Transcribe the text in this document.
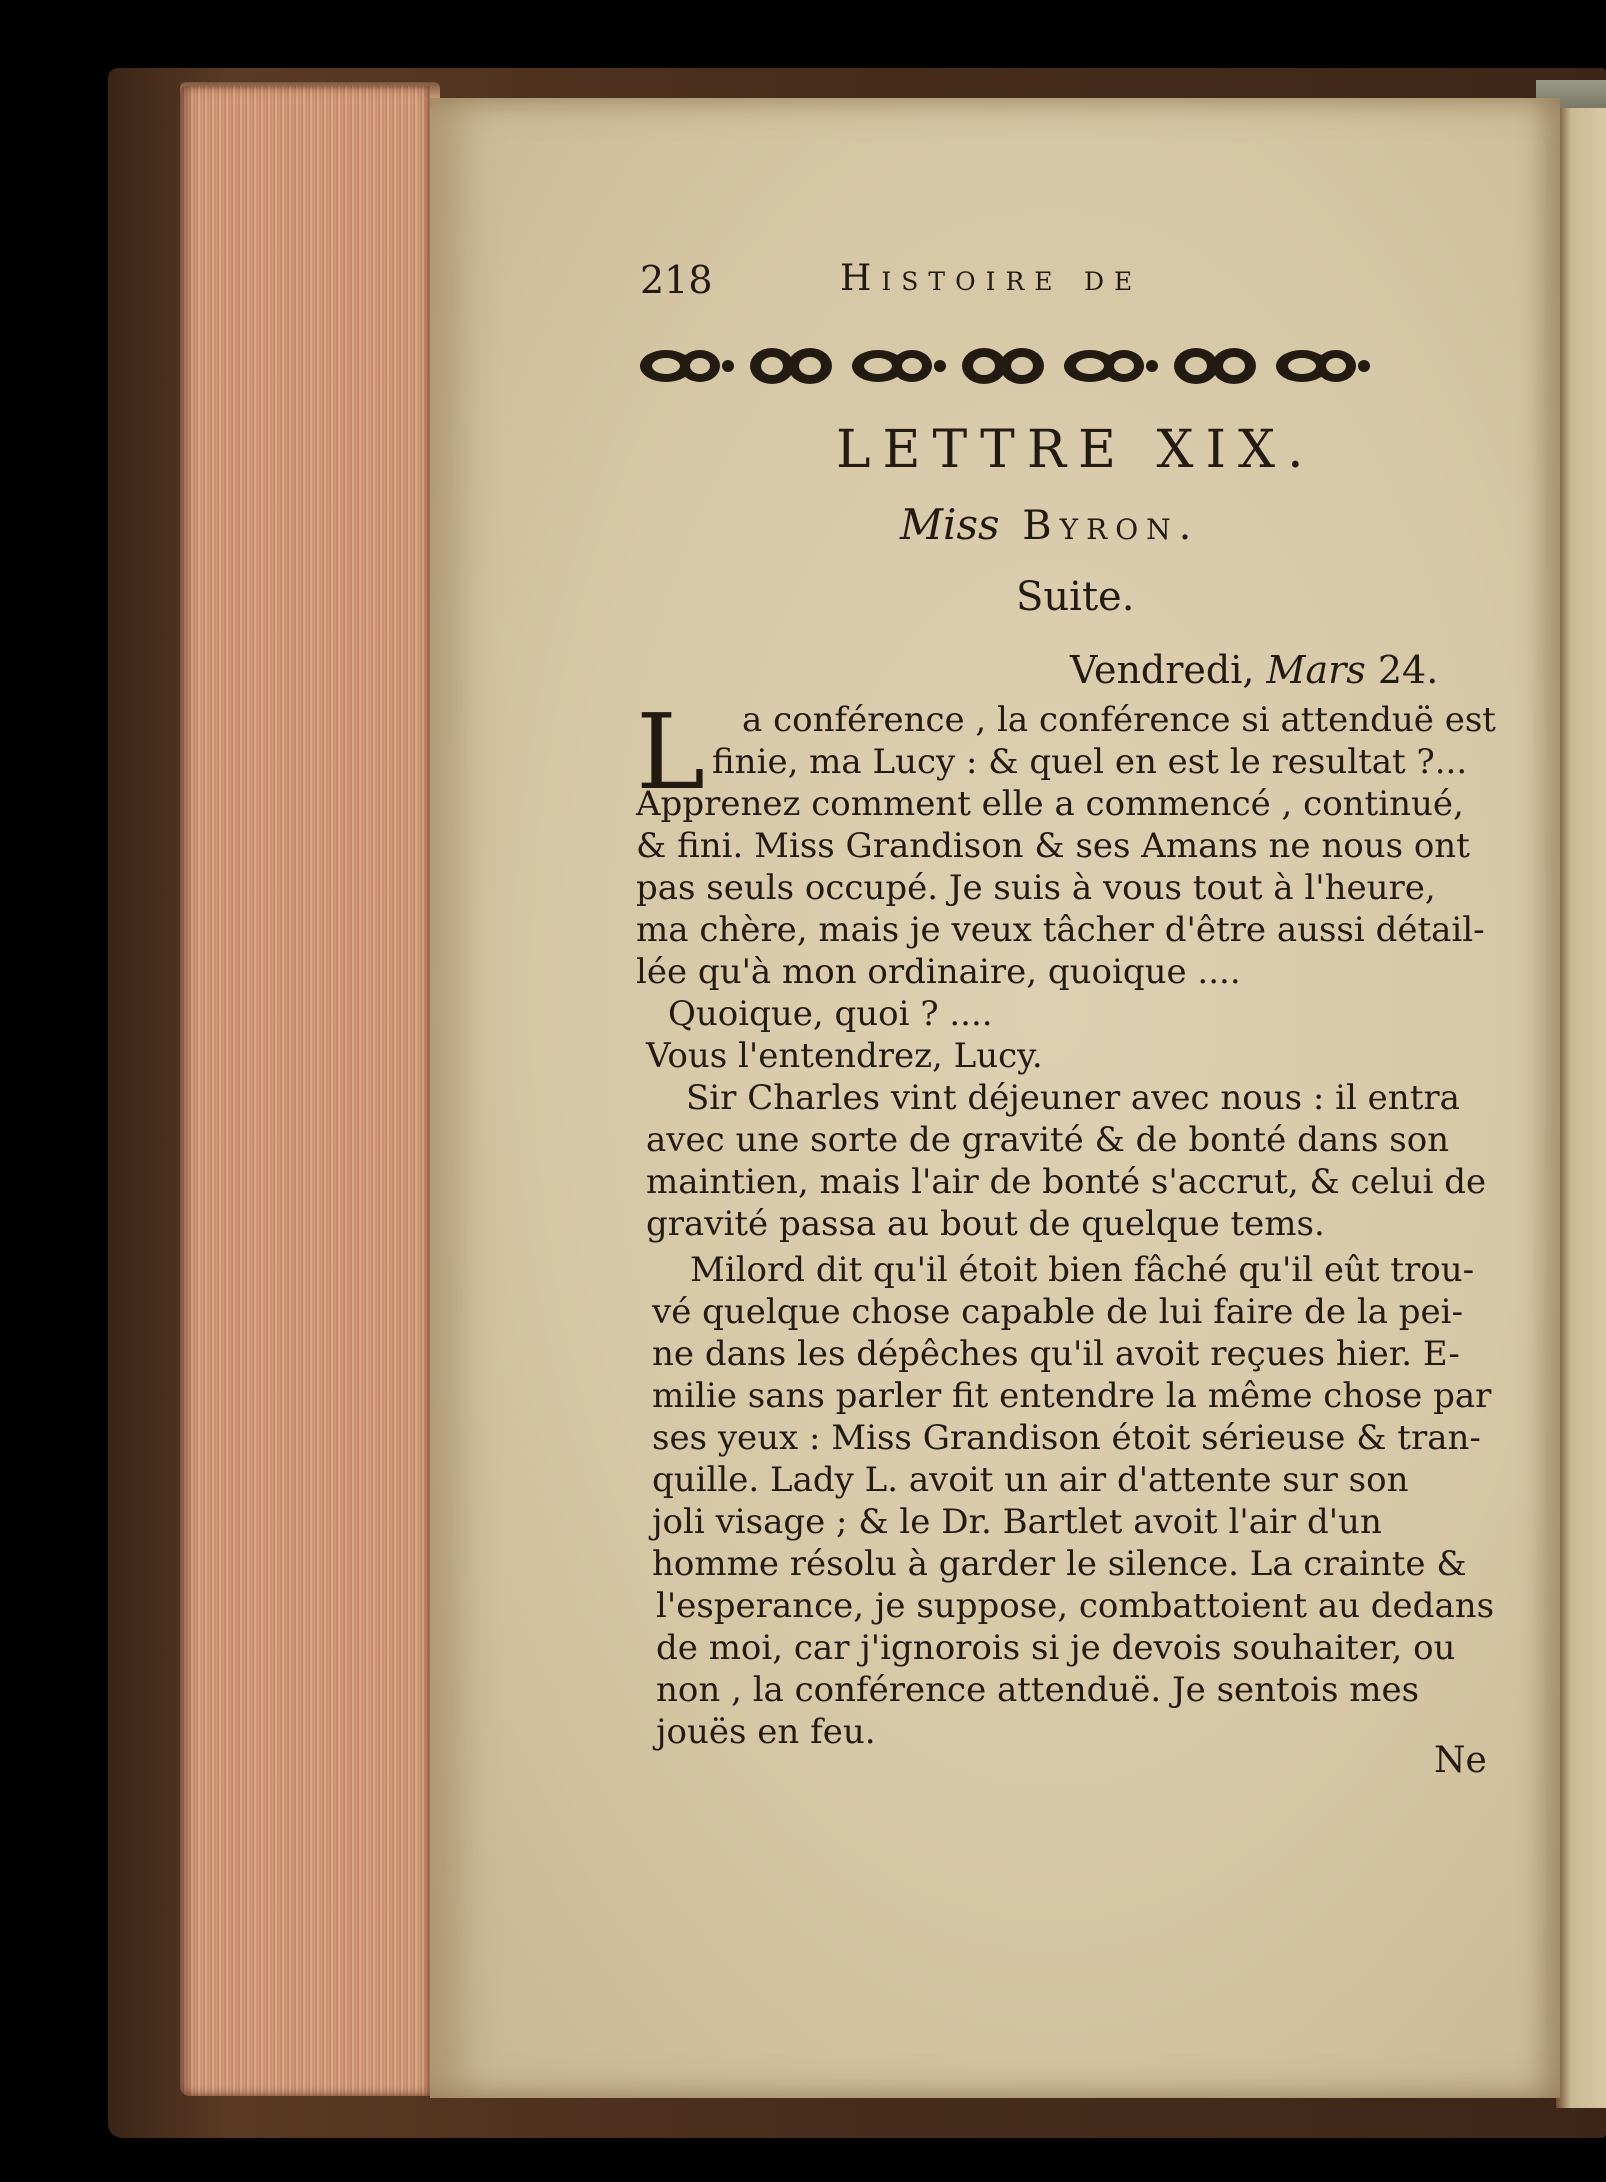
218	Histoire de
LETTRE XIX.
Miss Byron.
Suite.
Vendredi, Mars 24.
L a conférence , la conférence si attenduë est
finie, ma Lucy : & quel en est le resultat ?...
Apprenez comment elle a commencé , continué,
& fini. Miss Grandison & ses Amans ne nous ont
pas seuls occupé. Je suis à vous tout à l'heure,
ma chère, mais je veux tâcher d'être aussi détail-
lée qu'à mon ordinaire, quoique ....
Quoique, quoi ? ....
Vous l'entendrez, Lucy.
Sir Charles vint déjeuner avec nous : il entra
avec une sorte de gravité & de bonté dans son
maintien, mais l'air de bonté s'accrut, & celui de
gravité passa au bout de quelque tems.
Milord dit qu'il étoit bien fâché qu'il eût trou-
vé quelque chose capable de lui faire de la pei-
ne dans les dépêches qu'il avoit reçues hier. E-
milie sans parler fit entendre la même chose par
ses yeux : Miss Grandison étoit sérieuse & tran-
quille. Lady L. avoit un air d'attente sur son
joli visage ; & le Dr. Bartlet avoit l'air d'un
homme résolu à garder le silence. La crainte &
l'esperance, je suppose, combattoient au dedans
de moi, car j'ignorois si je devois souhaiter, ou
non , la conférence attenduë. Je sentois mes
jouës en feu.
Ne
